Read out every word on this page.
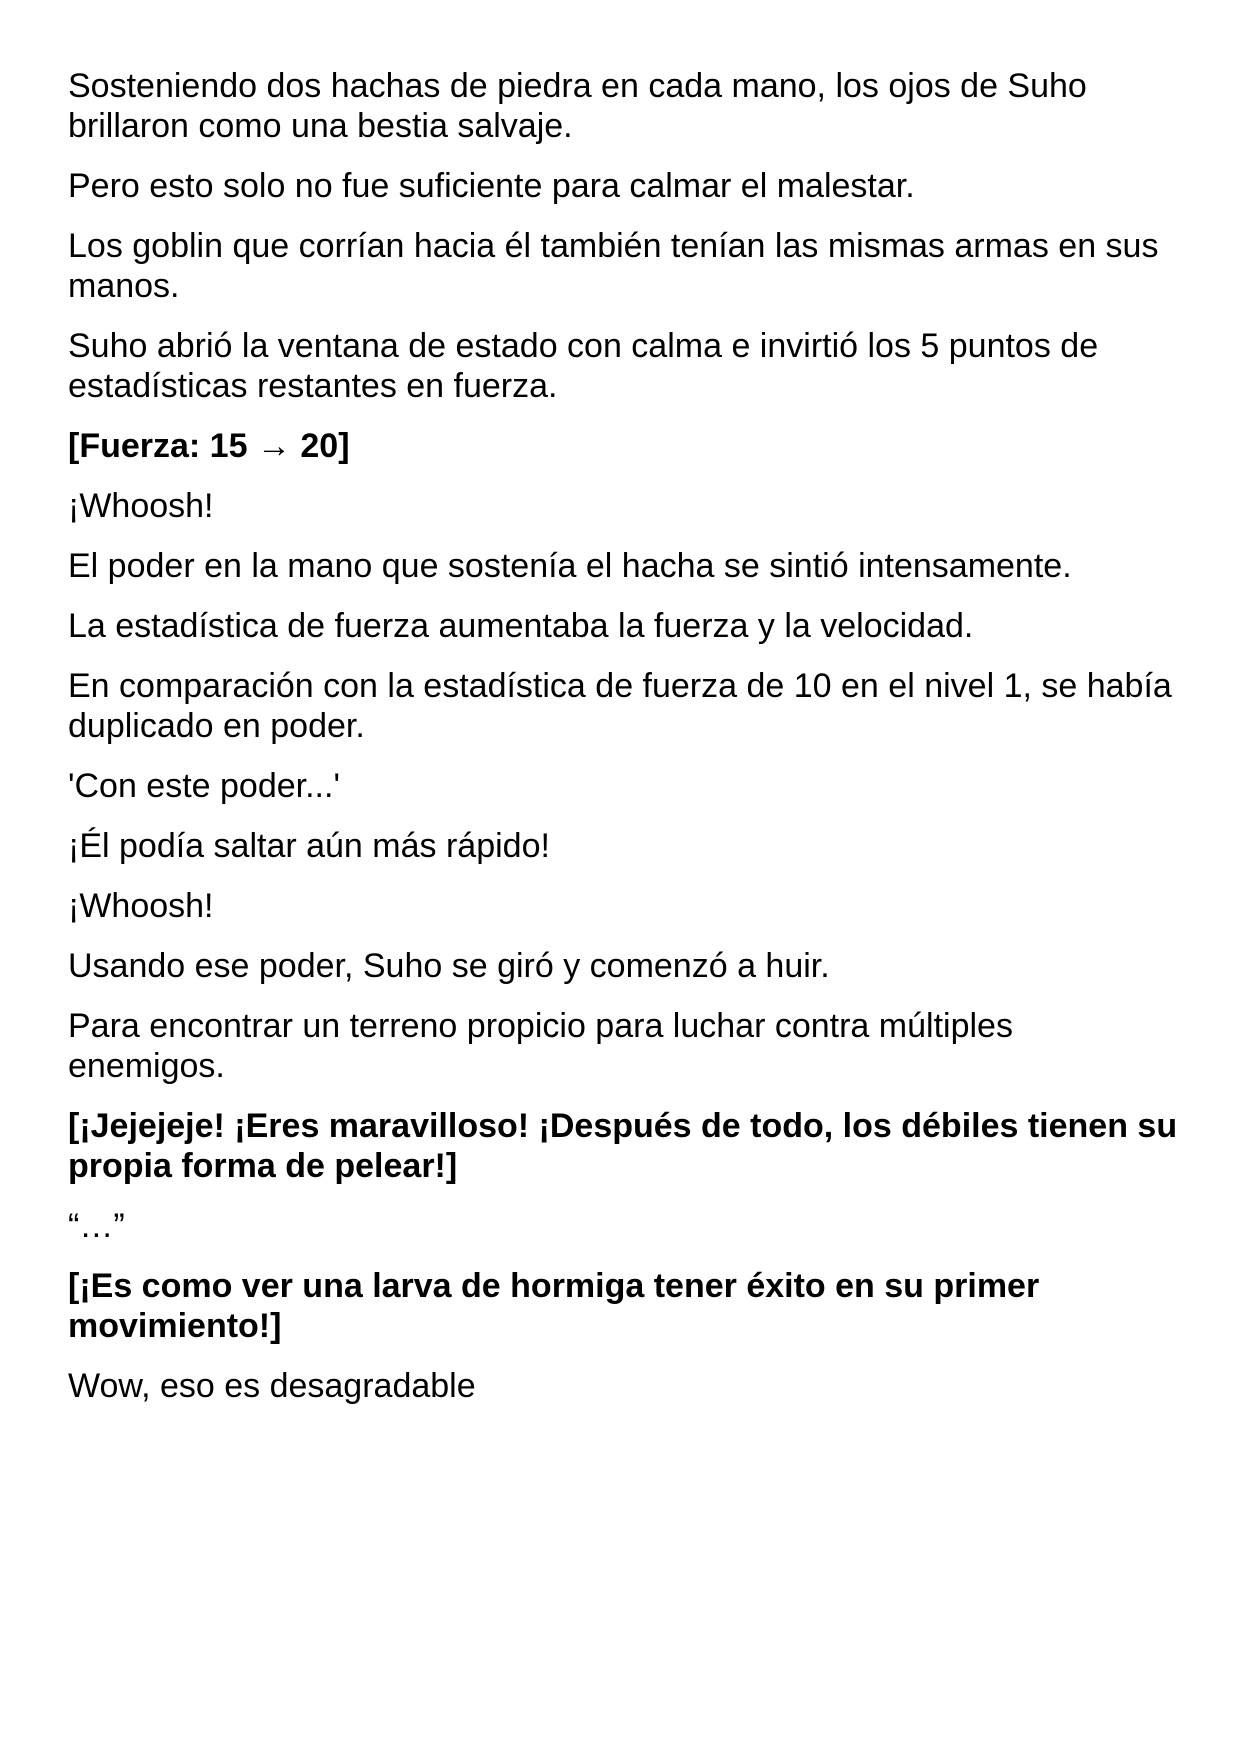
Sosteniendo dos hachas de piedra en cada mano, los ojos de Suho brillaron como una bestia salvaje.

Pero esto solo no fue suficiente para calmar el malestar.

Los goblin que corrían hacia él también tenían las mismas armas en sus manos.

Suho abrió la ventana de estado con calma e invirtió los 5 puntos de estadísticas restantes en fuerza.

[Fuerza: 15 → 20]

¡Whoosh!

El poder en la mano que sostenía el hacha se sintió intensamente.

La estadística de fuerza aumentaba la fuerza y la velocidad.

En comparación con la estadística de fuerza de 10 en el nivel 1, se había duplicado en poder.

'Con este poder...'

¡Él podía saltar aún más rápido!

¡Whoosh!

Usando ese poder, Suho se giró y comenzó a huir.

Para encontrar un terreno propicio para luchar contra múltiples enemigos.

[¡Jejejeje! ¡Eres maravilloso! ¡Después de todo, los débiles tienen su propia forma de pelear!]

“…”

[¡Es como ver una larva de hormiga tener éxito en su primer movimiento!]

Wow, eso es desagradable
